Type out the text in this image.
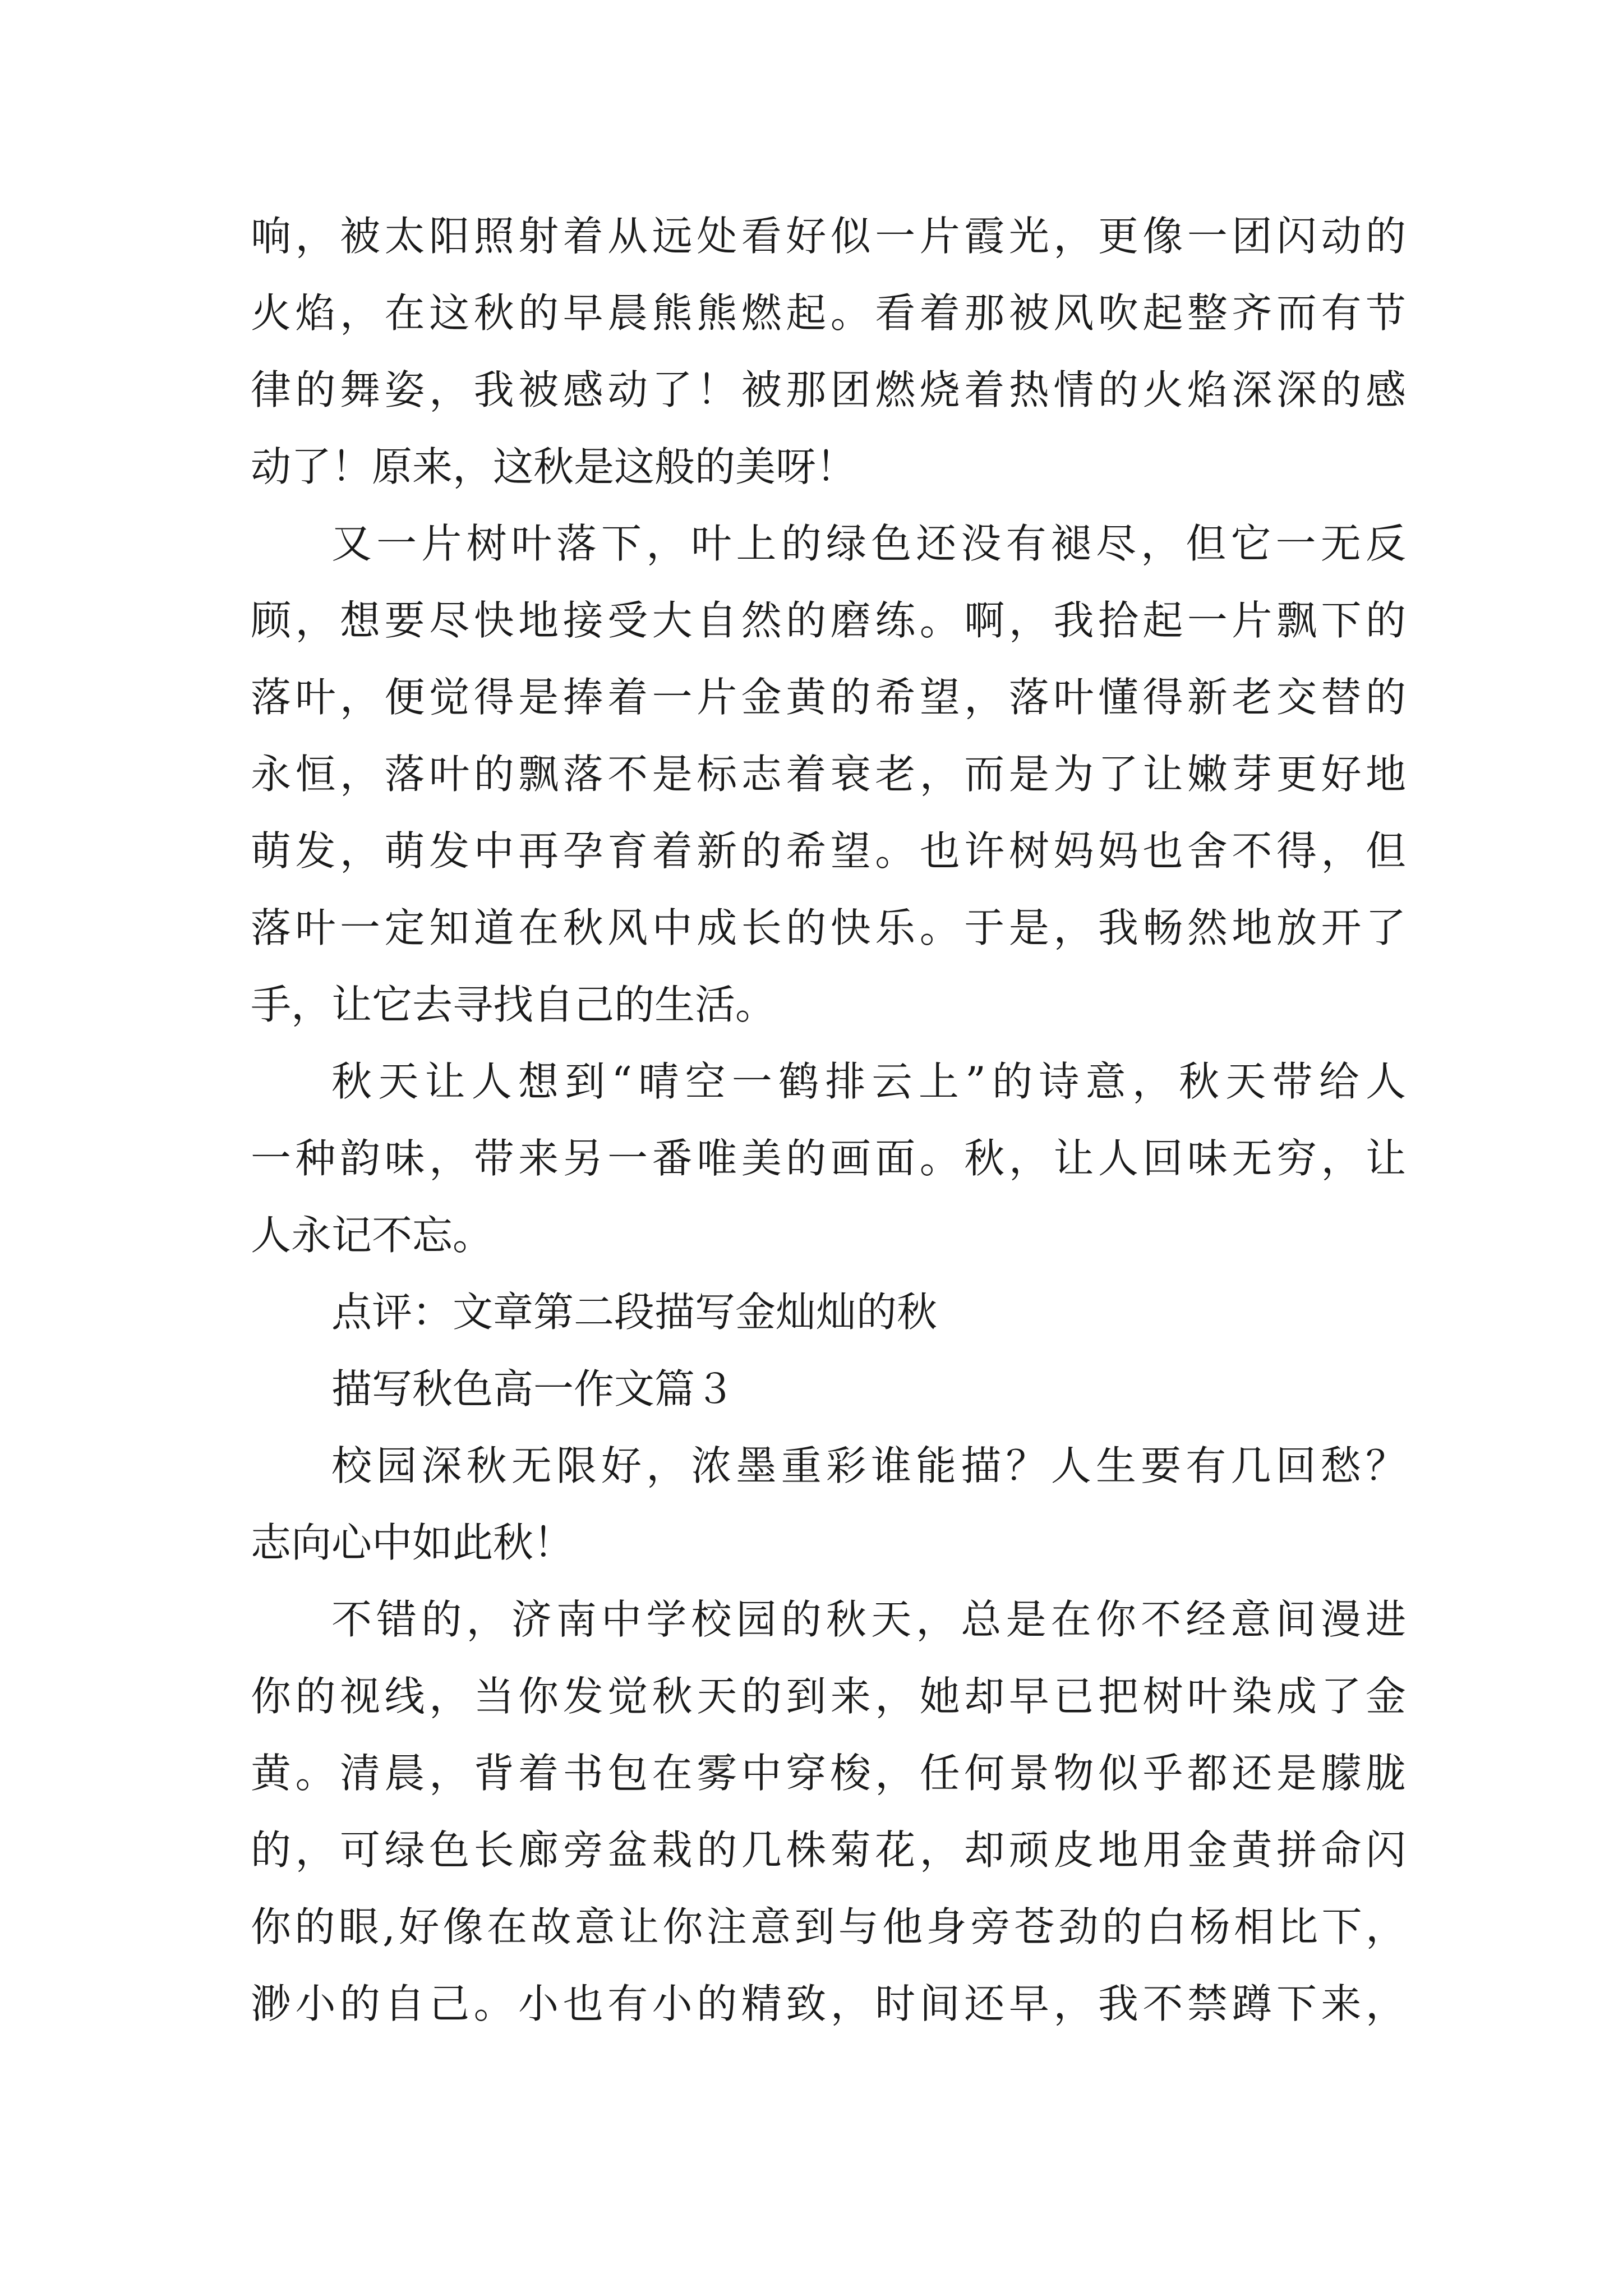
响，被太阳照射着从远处看好似一片霞光，更像一团闪动的
火焰，在这秋的早晨熊熊燃起。看着那被风吹起整齐而有节
律的舞姿，我被感动了！被那团燃烧着热情的火焰深深的感
动了！原来，这秋是这般的美呀！
又一片树叶落下，叶上的绿色还没有褪尽，但它一无反
顾，想要尽快地接受大自然的磨练。啊，我拾起一片飘下的
落叶，便觉得是捧着一片金黄的希望，落叶懂得新老交替的
永恒，落叶的飘落不是标志着衰老，而是为了让嫩芽更好地
萌发，萌发中再孕育着新的希望。也许树妈妈也舍不得，但
落叶一定知道在秋风中成长的快乐。于是，我畅然地放开了
手，让它去寻找自己的生活。
秋天让人想到“晴空一鹤排云上”的诗意，秋天带给人
一种韵味，带来另一番唯美的画面。秋，让人回味无穷，让
人永记不忘。
点评：文章第二段描写金灿灿的秋
描写秋色高一作文篇３
校园深秋无限好，浓墨重彩谁能描？人生要有几回愁？
志向心中如此秋！
不错的，济南中学校园的秋天，总是在你不经意间漫进
你的视线，当你发觉秋天的到来，她却早已把树叶染成了金
黄。清晨，背着书包在雾中穿梭，任何景物似乎都还是朦胧
的，可绿色长廊旁盆栽的几株菊花，却顽皮地用金黄拼命闪
你的眼,好像在故意让你注意到与他身旁苍劲的白杨相比下，
渺小的自己。小也有小的精致，时间还早，我不禁蹲下来，
